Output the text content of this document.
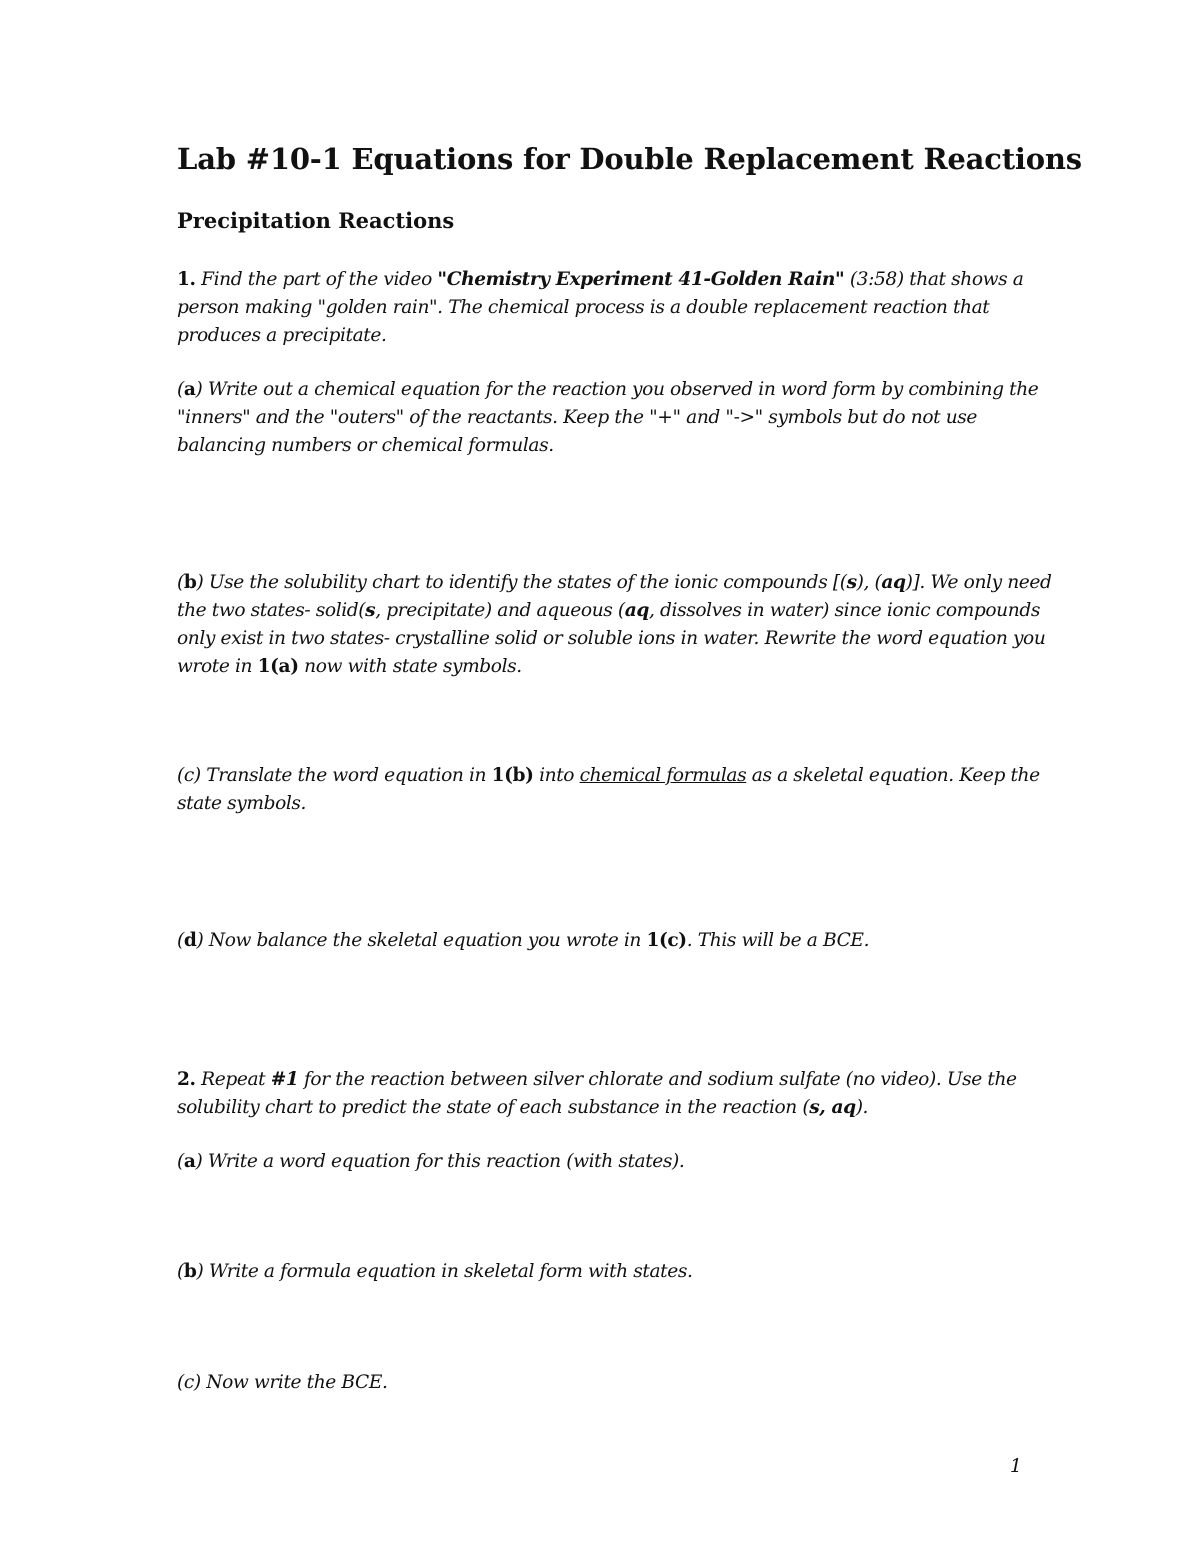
Lab #10-1 Equations for Double Replacement Reactions
Precipitation Reactions

1. Find the part of the video "Chemistry Experiment 41-Golden Rain" (3:58) that shows a person making "golden rain". The chemical process is a double replacement reaction that produces a precipitate.

(a) Write out a chemical equation for the reaction you observed in word form by combining the "inners" and the "outers" of the reactants. Keep the "+" and "->" symbols but do not use balancing numbers or chemical formulas.

(b) Use the solubility chart to identify the states of the ionic compounds [(s), (aq)]. We only need the two states- solid(s, precipitate) and aqueous (aq, dissolves in water) since ionic compounds only exist in two states- crystalline solid or soluble ions in water. Rewrite the word equation you wrote in 1(a) now with state symbols.

(c) Translate the word equation in 1(b) into chemical formulas as a skeletal equation. Keep the state symbols.

(d) Now balance the skeletal equation you wrote in 1(c). This will be a BCE.

2. Repeat #1 for the reaction between silver chlorate and sodium sulfate (no video). Use the solubility chart to predict the state of each substance in the reaction (s, aq).

(a) Write a word equation for this reaction (with states).

(b) Write a formula equation in skeletal form with states.

(c) Now write the BCE.

1
